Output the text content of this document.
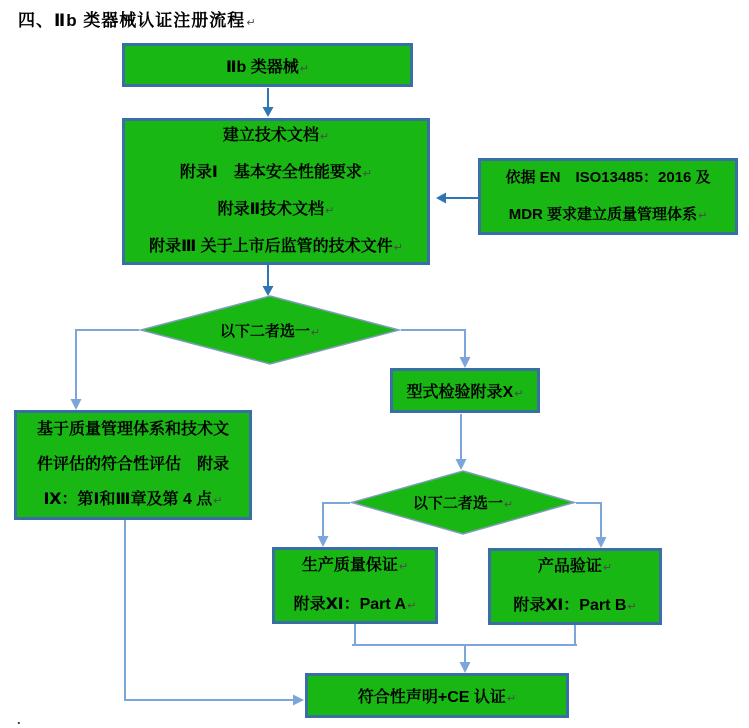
四、Ⅱb 类器械认证注册流程↵
Ⅱb 类器械↵
建立技术文档↵
附录Ⅰ　基本安全性能要求↵
附录Ⅱ技术文档↵
附录Ⅲ 关于上市后监管的技术文件↵
依据 EN　ISO13485：2016 及
MDR 要求建立质量管理体系↵
以下二者选一↵
基于质量管理体系和技术文
件评估的符合性评估　附录
Ⅸ：第Ⅰ和Ⅲ章及第 4 点↵
型式检验附录X↵
以下二者选一↵
生产质量保证↵
附录Ⅺ：Part A↵
产品验证↵
附录Ⅺ：Part B↵
符合性声明+CE 认证↵
.
